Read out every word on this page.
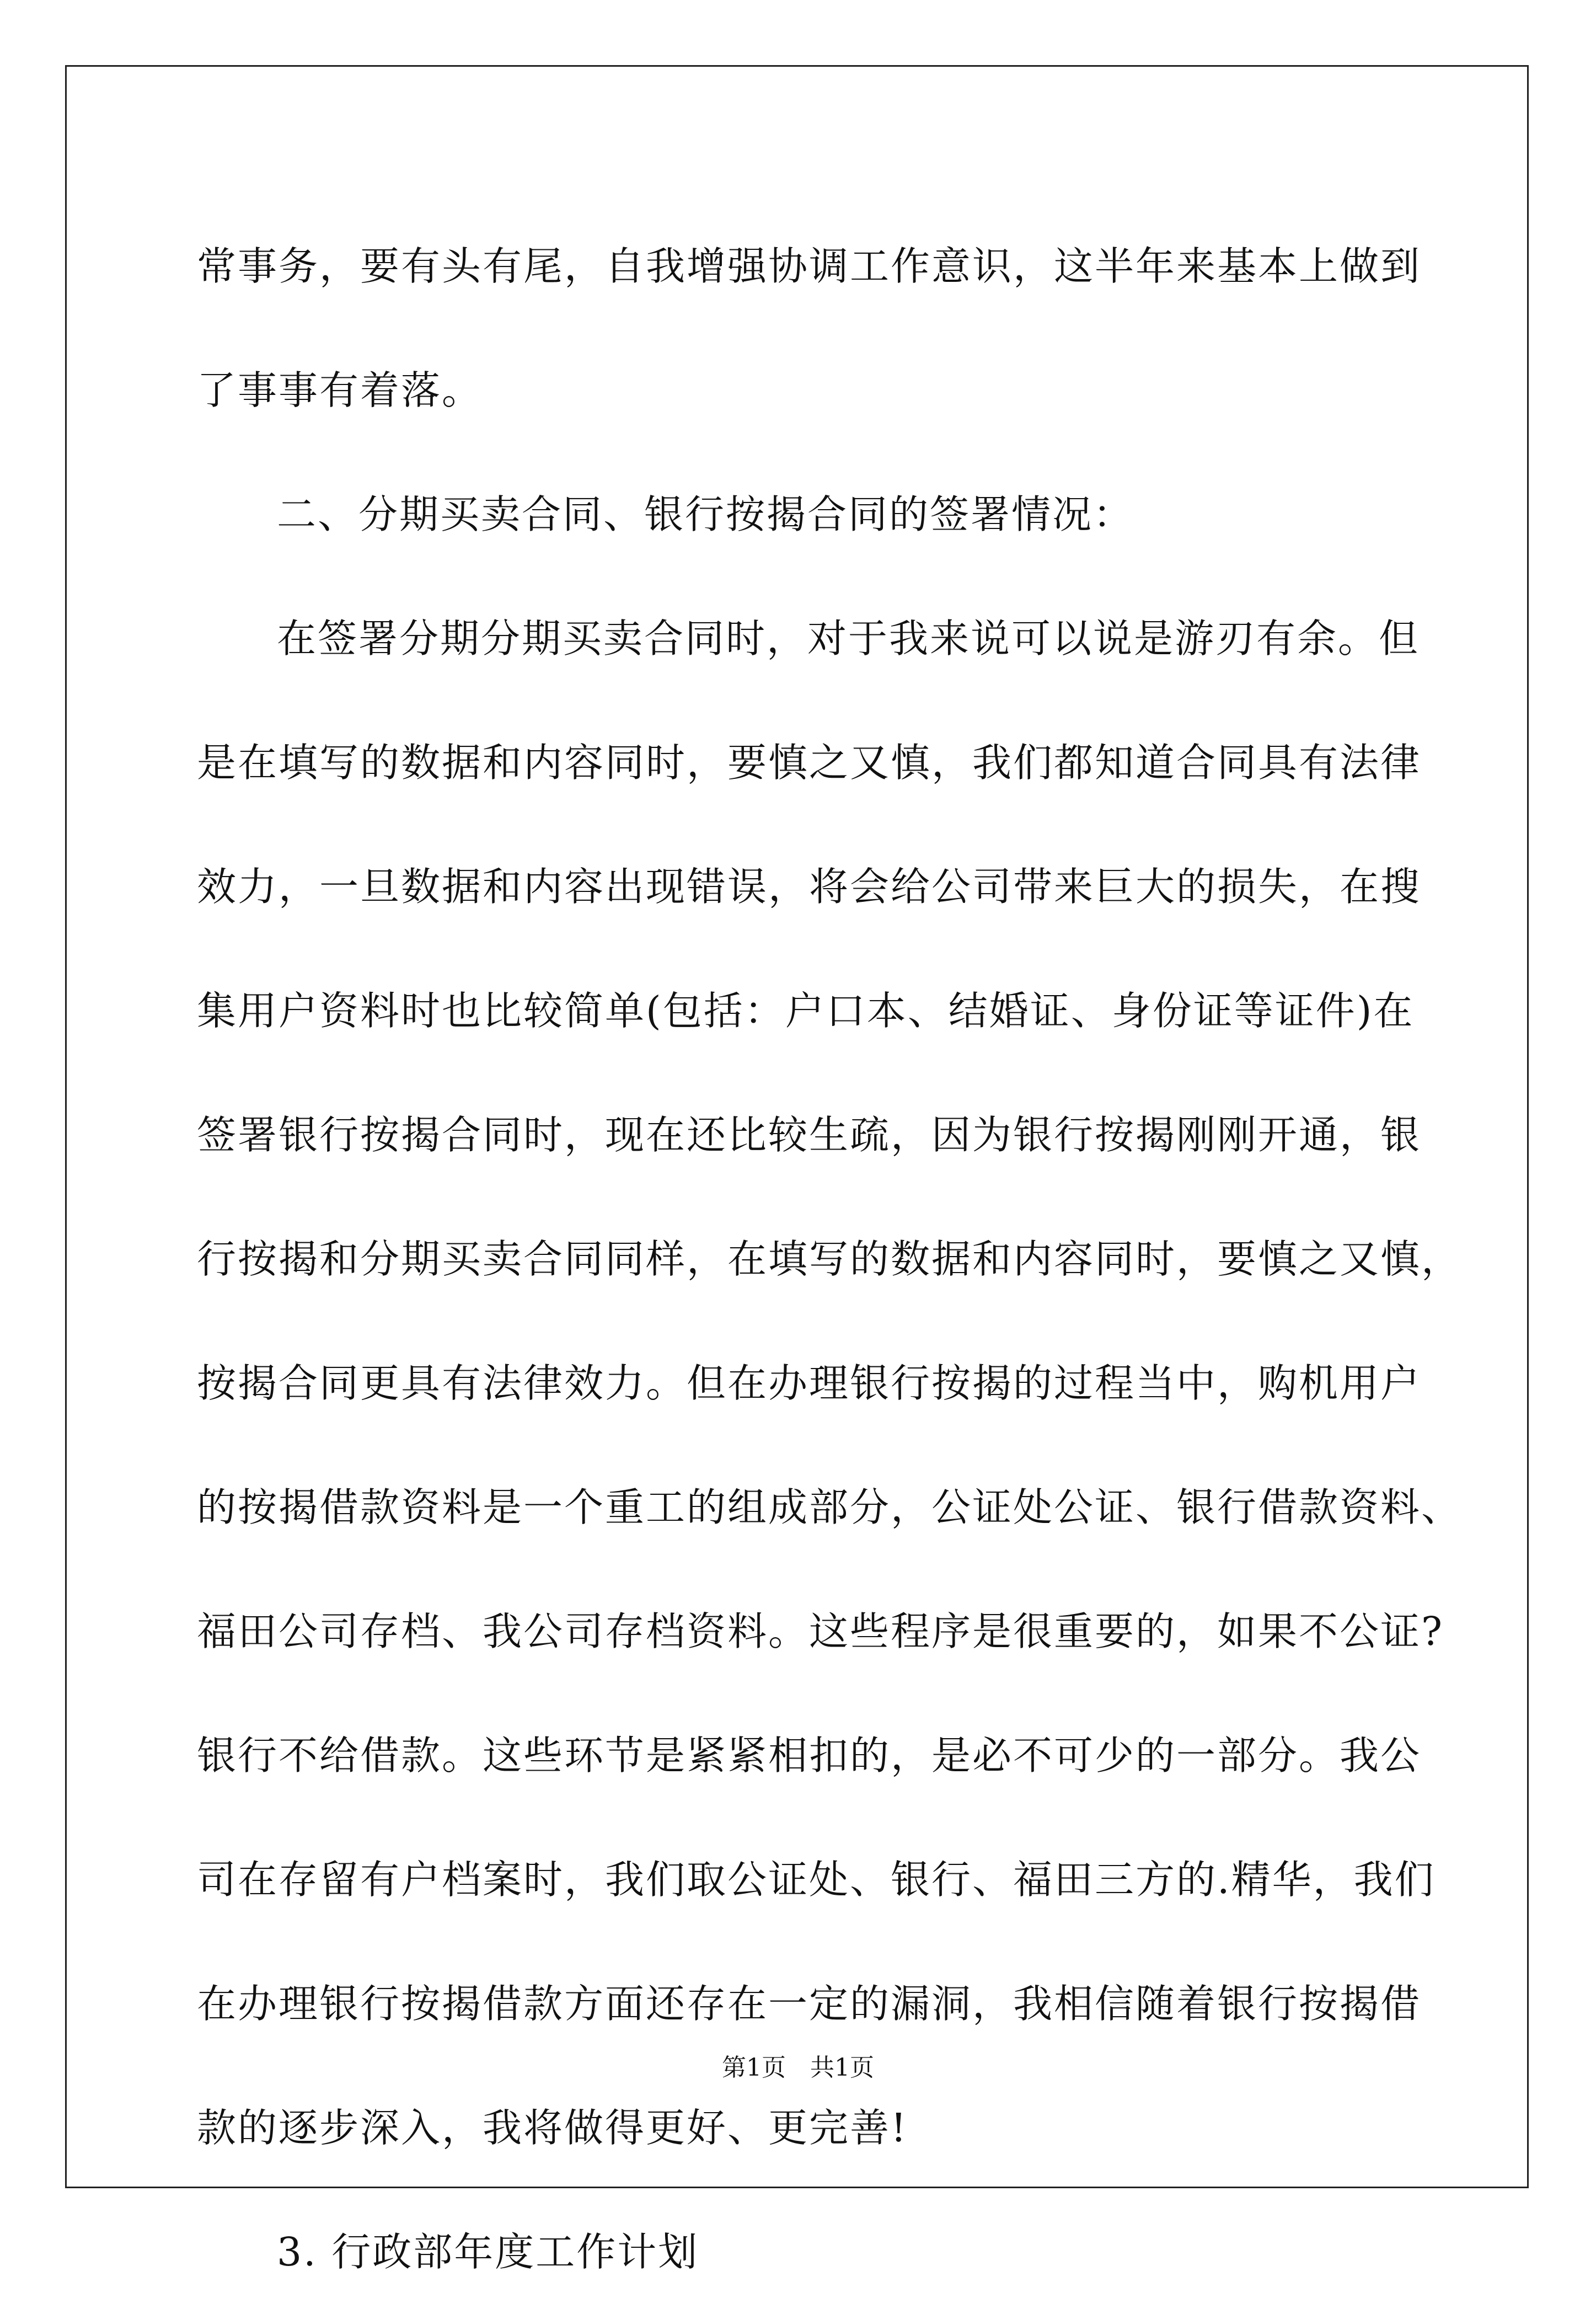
常事务，要有头有尾，自我增强协调工作意识，这半年来基本上做到
了事事有着落。
二、分期买卖合同、银行按揭合同的签署情况：
在签署分期分期买卖合同时，对于我来说可以说是游刃有余。但
是在填写的数据和内容同时，要慎之又慎，我们都知道合同具有法律
效力，一旦数据和内容出现错误，将会给公司带来巨大的损失，在搜
集用户资料时也比较简单(包括：户口本、结婚证、身份证等证件)在
签署银行按揭合同时，现在还比较生疏，因为银行按揭刚刚开通，银
行按揭和分期买卖合同同样，在填写的数据和内容同时，要慎之又慎，
按揭合同更具有法律效力。但在办理银行按揭的过程当中，购机用户
的按揭借款资料是一个重工的组成部分，公证处公证、银行借款资料、
福田公司存档、我公司存档资料。这些程序是很重要的，如果不公证?
银行不给借款。这些环节是紧紧相扣的，是必不可少的一部分。我公
司在存留有户档案时，我们取公证处、银行、福田三方的.精华，我们
在办理银行按揭借款方面还存在一定的漏洞，我相信随着银行按揭借
款的逐步深入，我将做得更好、更完善!
3. 行政部年度工作计划
第1页　共1页
